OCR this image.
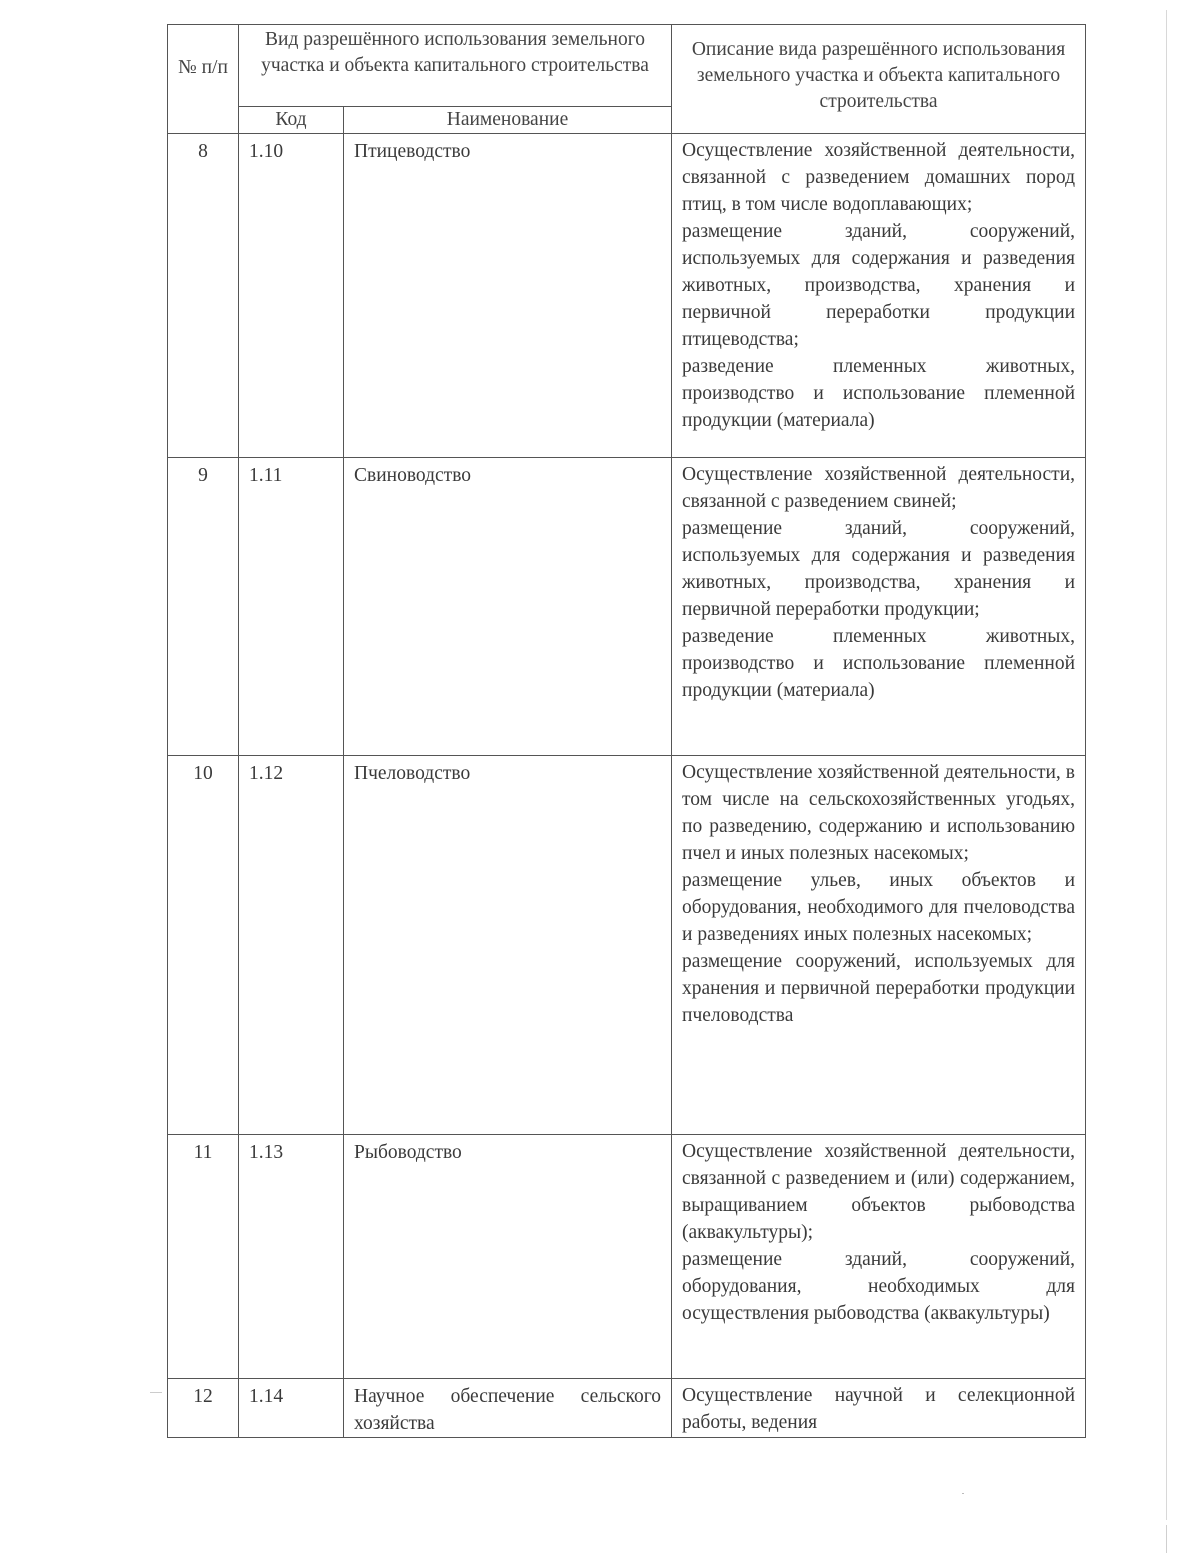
№ п/п	Вид разрешённого использования земельного участка и объекта капитального строительства		Описание вида разрешённого использования земельного участка и объекта капитального строительства
	Код	Наименование	
8	1.10	Птицеводство	Осуществление хозяйственной деятельности, связанной с разведением домашних пород птиц, в том числе водоплавающих;
размещение зданий, сооружений, используемых для содержания и разведения животных, производства, хранения и первичной переработки продукции птицеводства;
разведение племенных животных, производство и использование племенной продукции (материала)

9	1.11	Свиноводство	Осуществление хозяйственной деятельности, связанной с разведением свиней;
размещение зданий, сооружений, используемых для содержания и разведения животных, производства, хранения и первичной переработки продукции;
разведение племенных животных, производство и использование племенной продукции (материала)

10	1.12	Пчеловодство	Осуществление хозяйственной деятельности, в том числе на сельскохозяйственных угодьях, по разведению, содержанию и использованию пчел и иных полезных насекомых;
размещение ульев, иных объектов и оборудования, необходимого для пчеловодства и разведениях иных полезных насекомых;
размещение сооружений, используемых для хранения и первичной переработки продукции пчеловодства

11	1.13	Рыбоводство	Осуществление хозяйственной деятельности, связанной с разведением и (или) содержанием, выращиванием объектов рыбоводства (аквакультуры);
размещение зданий, сооружений, оборудования, необходимых для осуществления рыбоводства (аквакультуры)

12	1.14	Научное обеспечение сельского хозяйства	Осуществление научной и селекционной работы, ведения
